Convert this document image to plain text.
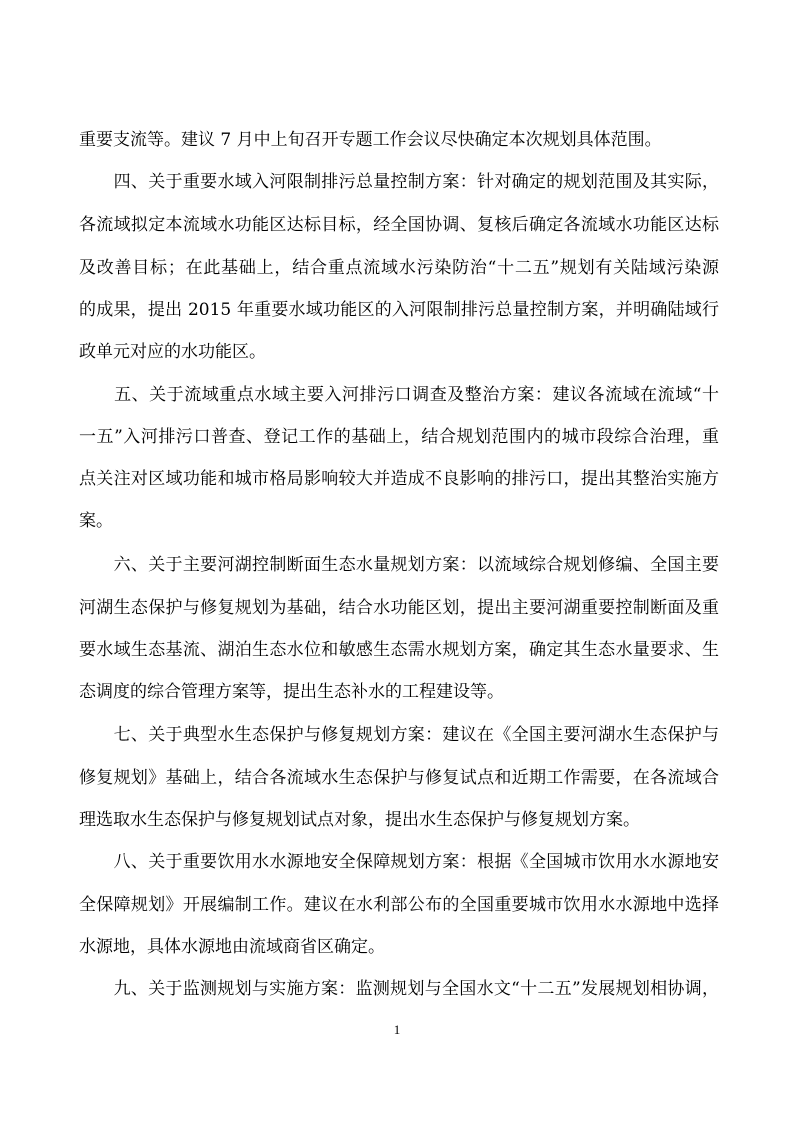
重要支流等。建议 7 月中上旬召开专题工作会议尽快确定本次规划具体范围。
　　四、关于重要水域入河限制排污总量控制方案：针对确定的规划范围及其实际，
各流域拟定本流域水功能区达标目标，经全国协调、复核后确定各流域水功能区达标
及改善目标；在此基础上，结合重点流域水污染防治“十二五”规划有关陆域污染源
的成果，提出 2015 年重要水域功能区的入河限制排污总量控制方案，并明确陆域行
政单元对应的水功能区。
　　五、关于流域重点水域主要入河排污口调查及整治方案：建议各流域在流域“十
一五”入河排污口普查、登记工作的基础上，结合规划范围内的城市段综合治理，重
点关注对区域功能和城市格局影响较大并造成不良影响的排污口，提出其整治实施方
案。
　　六、关于主要河湖控制断面生态水量规划方案：以流域综合规划修编、全国主要
河湖生态保护与修复规划为基础，结合水功能区划，提出主要河湖重要控制断面及重
要水域生态基流、湖泊生态水位和敏感生态需水规划方案，确定其生态水量要求、生
态调度的综合管理方案等，提出生态补水的工程建设等。
　　七、关于典型水生态保护与修复规划方案：建议在《全国主要河湖水生态保护与
修复规划》基础上，结合各流域水生态保护与修复试点和近期工作需要，在各流域合
理选取水生态保护与修复规划试点对象，提出水生态保护与修复规划方案。
　　八、关于重要饮用水水源地安全保障规划方案：根据《全国城市饮用水水源地安
全保障规划》开展编制工作。建议在水利部公布的全国重要城市饮用水水源地中选择
水源地，具体水源地由流域商省区确定。
　　九、关于监测规划与实施方案：监测规划与全国水文“十二五”发展规划相协调，
1
